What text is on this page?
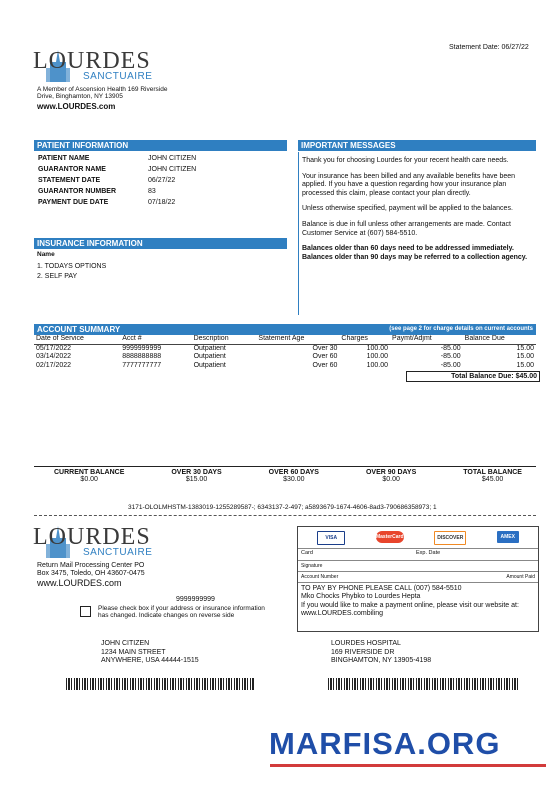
Statement Date: 06/27/22
LOURDES
SANCTUAIRE
A Member of Ascension Health 169 Riverside Drive, Binghamton, NY 13905
www.LOURDES.com
PATIENT INFORMATION
PATIENT NAME	JOHN CITIZEN
GUARANTOR NAME	JOHN CITIZEN
STATEMENT DATE	06/27/22
GUARANTOR NUMBER	83
PAYMENT DUE DATE	07/18/22
INSURANCE INFORMATION
Name
1. TODAYS OPTIONS
2. SELF PAY
IMPORTANT MESSAGES

Thank you for choosing Lourdes for your recent health care needs.

Your insurance has been billed and any available benefits have been applied. If you have a question regarding how your insurance plan processed this claim, please contact your plan directly.

Unless otherwise specified, payment will be applied to the balances.

Balance is due in full unless other arrangements are made. Contact Customer Service at (607) 584-5510.

Balances older than 60 days need to be addressed immediately. Balances older than 90 days may be referred to a collection agency.

ACCOUNT SUMMARY	(see page 2 for charge details on current accounts
Date of Service	Acct #	Description	Statement Age	Charges	Paymt/Adjmt	Balance Due
05/17/2022	9999999999	Outpatient	Over 30	100.00	-85.00	15.00
03/14/2022	8888888888	Outpatient	Over 60	100.00	-85.00	15.00
02/17/2022	7777777777	Outpatient	Over 60	100.00	-85.00	15.00
Total Balance Due: $45.00
CURRENT BALANCE
$0.00
OVER 30 DAYS
$15.00
OVER 60 DAYS
$30.00
OVER 90 DAYS
$0.00
TOTAL BALANCE
$45.00
3171-OLOLMHSTM-1383019-1255289587-; 6343137-2-497; a5893679-1674-4606-8ad3-790686358973; 1
LOURDES
SANCTUAIRE
Return Mail Processing Center PO
Box 3475, Toledo, OH 43607-0475
www.LOURDES.com
9999999999
Please check box if your address or insurance information has changed. Indicate changes on reverse side
JOHN CITIZEN
1234 MAIN STREET
ANYWHERE, USA 44444-1515
VISA	MasterCard	DISCOVER	AMEX
Card	Exp. Date
Signature
Account Number	Amount Paid
TO PAY BY PHONE PLEASE CALL (007) 584-5510
Mko Chocks Phybko to Lourdes Hepta
If you would like to make a payment online, please visit our website at: www.LOURDES.combiling
LOURDES HOSPITAL
169 RIVERSIDE DR
BINGHAMTON, NY 13905-4198
MARFISA.ORG
